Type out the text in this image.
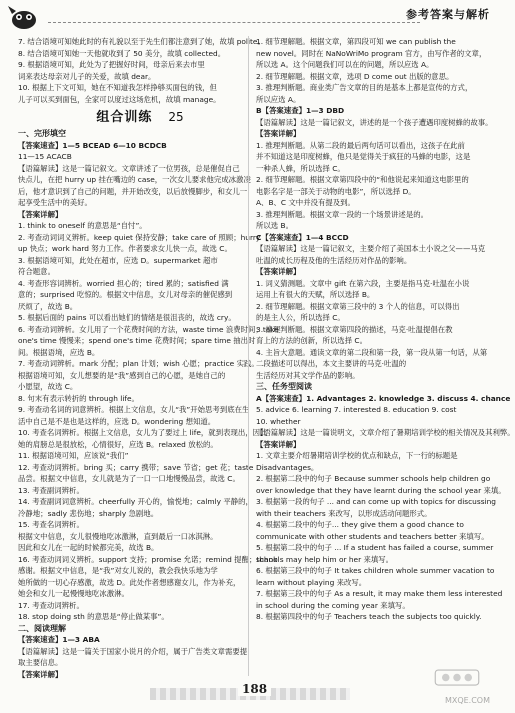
参考答案与解析
7. 结合语境可知她此时的有礼貌以至于先生们都注意到了她，故填 polite。
8. 结合语境可知她一天他就收到了 50 美分，故填 collected。
9. 根据语境可知，此处为了把握好时间，母亲后来去市里
词来表达母亲对儿子的关爱，故填 dear。
10. 根据上下文可知，她在不知道我怎样挣够买面包的钱，但
儿子可以买到面包，全家可以度过这场危机，故填 manage。
组合训练 25
一、完形填空
【答案速查】1—5 BCEAD 6—10 BCDCB
11—15 ACACB
【语篇解读】这是一篇记叙文。文章讲述了一位男孩，总是催促自己
快点儿，在把 hurry up 挂在嘴边的 case，一次女儿要求他完成冰激凌
后，他才意识到了自己的问题，并开始改变，以后放慢脚步，和女儿一
起享受生活中的美好。
【答案详解】
1. think to oneself 的意思是“自忖”。
2. 考查动词词义辨析。keep quiet 保持安静；take care of 照顾；hurry
up 快点；work hard 努力工作。作者要求女儿快一点，故选 C。
3. 根据语境可知，此处在超市，应选 D。supermarket 超市
符合题意。
4. 考查形容词辨析。worried 担心的；tired 累的；satisfied 满
意的；surprised 吃惊的。根据文中信息，女儿对母亲的催促感到
厌烦了，故选 B。
5. 根据后面的 pains 可以看出她们的情绪是很沮丧的，故选 cry。
6. 考查动词辨析。女儿用了一个花费时间的方法，waste time 浪费时间；take
one's time 慢慢来；spend one's time 花费时间；spare time 抽出时
间。根据语境，应选 B。
7. 考查动词辨析。mark 分配；plan 计划；wish 心愿；practice 实践。
根据语境可知，女儿想要的是“我”感到自己的心愿，是她自己的
小愿望，故选 C。
8. 句末有表示转折的 through life。
9. 考查动名词的词意辨析。根据上文信息，女儿“我”开始思考到底在生
活中自己是不是也是这样的，应选 D。wondering 想知道。
10. 考查名词辨析。根据上文信息，女儿为了要过上 life，就到表现出，因此
她的肩膀总是很放松，心情很好，应选 B。relaxed 放松的。
11. 根据语境可知，应该说“我们”
12. 考查动词辨析。bring 买；carry 携带；save 节省；get 花；taste
品尝。根据文中信息，女儿就是为了一口一口地慢慢品尝，故选 C。
13. 考查副词辨析。
14. 考查副词词意辨析。cheerfully 开心的，愉悦地；calmly 平静的，
冷静地；sadly 悲伤地；sharply 急剧地。
15. 考查名词辨析。
根据文中信息，女儿很慢地吃冰激淋，直到最后一口冰淇淋。
因此和女儿在一起的时候都完美，故选 B。
16. 考查动词词义辨析。support 支持；promise 允诺；remind 提醒；thank
感谢。根据文中信息，是“我”对女儿说的，教会我快乐地为学
她所做的一切心存感激，故选 D。此处作者想感谢女儿，作为补充，
她会和女儿一起慢慢地吃冰激淋。
17. 考查动词辨析。
18. stop doing sth 的意思是“停止做某事”。
二、阅读理解
【答案速查】1—3 ABA
【语篇解读】这是一篇关于国家小说月的介绍，属于广告类文章需要提
取主要信息。
【答案详解】
1. 细节理解题。根据文章，第四段可知 we can publish the
new novel。同时在 NaNoWriMo program 官方，由写作者的文章，
所以选 A。这个问题我们可以在的问题，所以应选 A。
2. 细节理解题。根据文章，选项 D come out 出版的意思。
3. 推理判断题。商业类广告文章的目的是基本上都是宣传的方式，
所以应选 A。
B【答案速查】1—3 DBD
【语篇解读】这是一篇记叙文，讲述的是一个孩子遭遇印度树蜂的故事。
【答案详解】
1. 推理判断题。从第二段的最后两句话可以看出，这孩子在此前
并不知道这是印度树蜂，他只是觉得关于疯狂的马蜂的电影，这是
一种杀人蜂，所以选择 C。
2. 细节理解题。根据文章第四段中的“和他说起来知道这电影里的
电影名字是一部关于动物的电影”，所以选择 D。
A、B、C 文中并没有提及到。
3. 推理判断题。根据文章一段的一个场景讲述是的。
所以选 B。
C【答案速查】1—4 BCCD
【语篇解读】这是一篇记叙文，主要介绍了美国本土小说之父——马克
吐温的成长历程及他的生活经历对作品的影响。
【答案详解】
1. 词义猜测题。文章中 gift 在第六段，主要是指马克·吐温在小说
运用上有很大的天赋，所以选择 B。
2. 细节理解题。根据文章第三段中的 3 个人的信息，可以得出
的是主人公，所以选择 C。
3. 推理判断题。根据文章第四段的描述，马克·吐温提倡在教
育上的方法的创新，所以选择 C。
4. 主旨大意题。通读文章的第二段和第一段，第一段从第一句话，从第
二段描述可以得出，本文主要讲的马克·吐温的
生活经历对其文学作品的影响。
三、任务型阅读
A【答案速查】1. Advantages 2. knowledge 3. discuss 4. chance
5. advice 6. learning 7. interested 8. education 9. cost
10. whether
【语篇解读】这是一篇说明文，文章介绍了暑期培训学校的相关情况及其利弊。
【答案详解】
1. 文章主要介绍暑期培训学校的优点和缺点，下一行的标题是
Disadvantages。
2. 根据第二段中的句子 Because summer schools help children go
over knowledge that they have learnt during the school year 来填。
3. 根据第一段的句子 ... and can come up with topics for discussing
with their teachers 来改写，以形成活动问题形式。
4. 根据第二段中的句子... they give them a good chance to
communicate with other students and teachers better 来填写。
5. 根据第二段中的句子 ... If a student has failed a course, summer
schools may help him or her 来填写。
6. 根据第三段中的句子 It takes children whole summer vacation to
learn without playing 来改写。
7. 根据第三段中的句子 As a result, it may make them less interested
in school during the coming year 来填写。
8. 根据第四段中的句子 Teachers teach the subjects too quickly.
188
MXQE.COM
